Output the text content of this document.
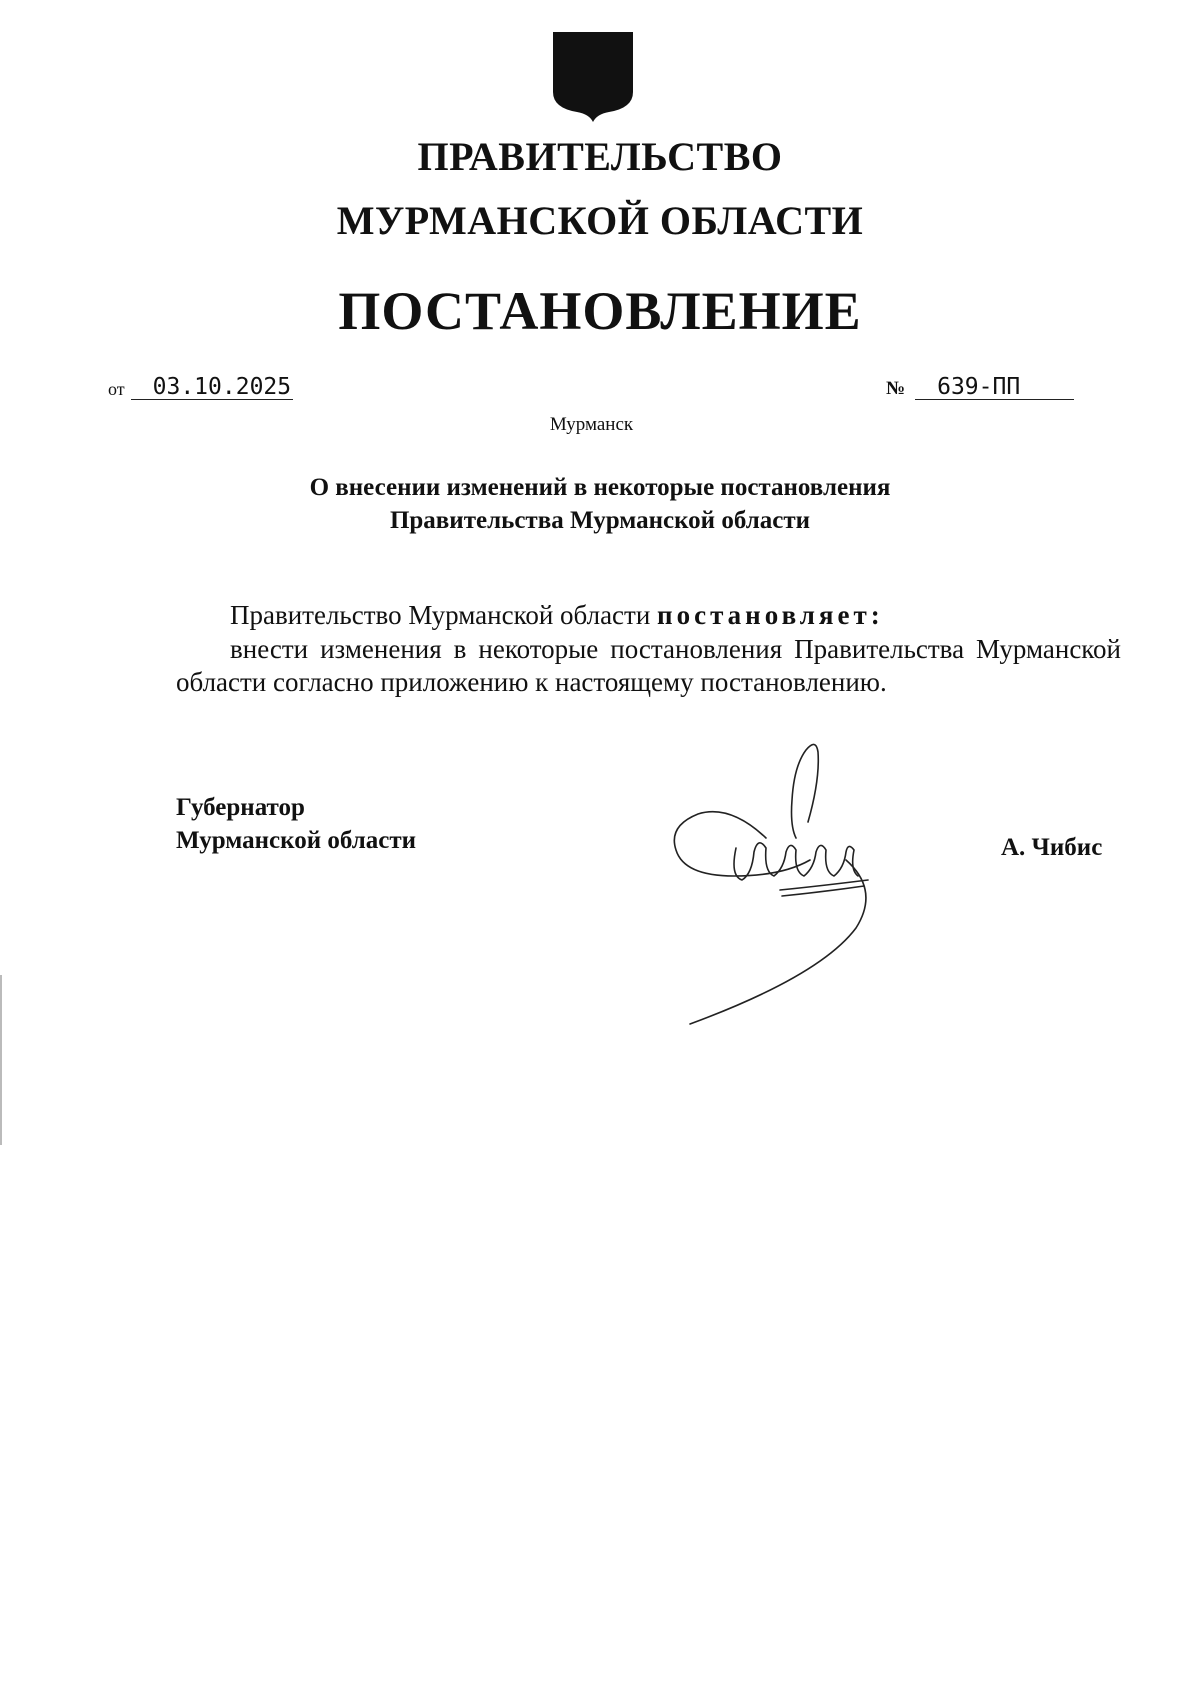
ПРАВИТЕЛЬСТВО
МУРМАНСКОЙ ОБЛАСТИ
ПОСТАНОВЛЕНИЕ
от	03.10.2025	№	639-ПП
Мурманск
О внесении изменений в некоторые постановления
Правительства Мурманской области
Правительство Мурманской области постановляет:
внести изменения в некоторые постановления Правительства Мурманской области согласно приложению к настоящему постановлению.
Губернатор
Мурманской области	А. Чибис
